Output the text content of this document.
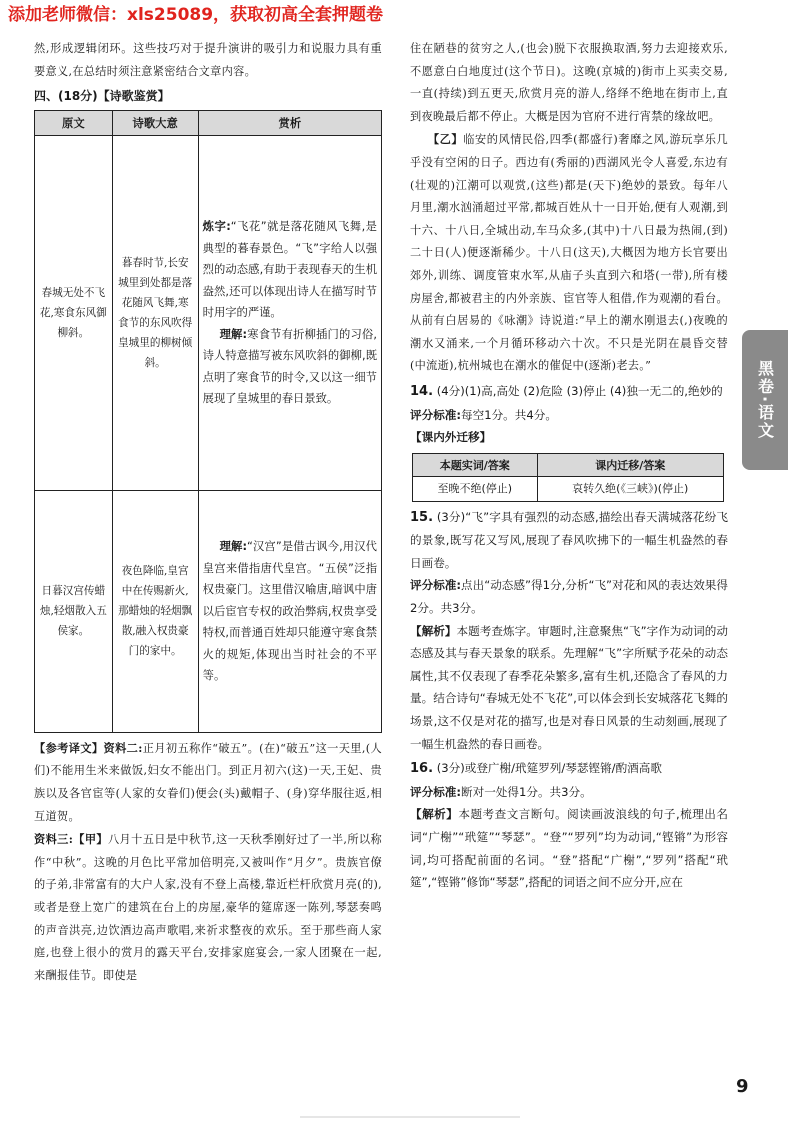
添加老师微信：xls25089，获取初高全套押题卷

然,形成逻辑闭环。这些技巧对于提升演讲的吸引力和说服力具有重要意义,在总结时须注意紧密结合文章内容。

四、(18分)【诗歌鉴赏】

原文	诗歌大意	赏析
春城无处不飞花,寒食东风御柳斜。	暮春时节,长安城里到处都是落花随风飞舞,寒食节的东风吹得皇城里的柳树倾斜。	炼字:“飞花”就是落花随风飞舞,是典型的暮春景色。“飞”字给人以强烈的动态感,有助于表现春天的生机盎然,还可以体现出诗人在描写时节时用字的严谨。
理解:寒食节有折柳插门的习俗,诗人特意描写被东风吹斜的御柳,既点明了寒食节的时令,又以这一细节展现了皇城里的春日景致。
日暮汉宫传蜡烛,轻烟散入五侯家。	夜色降临,皇宫中在传赐新火,那蜡烛的轻烟飘散,融入权贵豪门的家中。	理解:“汉宫”是借古讽今,用汉代皇宫来借指唐代皇宫。“五侯”泛指权贵豪门。这里借汉喻唐,暗讽中唐以后宦官专权的政治弊病,权贵享受特权,而普通百姓却只能遵守寒食禁火的规矩,体现出当时社会的不平等。

【参考译文】资料二:正月初五称作“破五”。(在)“破五”这一天里,(人们)不能用生米来做饭,妇女不能出门。到正月初六(这)一天,王妃、贵族以及各官宦等(人家的女眷们)便会(头)戴帽子、(身)穿华服往返,相互道贺。

资料三:【甲】八月十五日是中秋节,这一天秋季刚好过了一半,所以称作“中秋”。这晚的月色比平常加倍明亮,又被叫作“月夕”。贵族官僚的子弟,非常富有的大户人家,没有不登上高楼,靠近栏杆欣赏月亮(的),或者是登上宽广的建筑在台上的房屋,豪华的筵席逐一陈列,琴瑟奏鸣的声音洪亮,边饮酒边高声歌唱,来祈求整夜的欢乐。至于那些商人家庭,也登上很小的赏月的露天平台,安排家庭宴会,一家人团聚在一起,来酬报佳节。即使是

住在陋巷的贫穷之人,(也会)脱下衣服换取酒,努力去迎接欢乐,不愿意白白地度过(这个节日)。这晚(京城的)街市上买卖交易,一直(持续)到五更天,欣赏月亮的游人,络绎不绝地在街市上,直到夜晚最后都不停止。大概是因为官府不进行宵禁的缘故吧。

【乙】临安的风情民俗,四季(都盛行)奢靡之风,游玩享乐几乎没有空闲的日子。西边有(秀丽的)西湖风光令人喜爱,东边有(壮观的)江潮可以观赏,(这些)都是(天下)绝妙的景致。每年八月里,潮水汹涌超过平常,都城百姓从十一日开始,便有人观潮,到十六、十八日,全城出动,车马众多,(其中)十八日最为热闹,(到)二十日(人)便逐渐稀少。十八日(这天),大概因为地方长官要出郊外,训练、调度管束水军,从庙子头直到六和塔(一带),所有楼房屋舍,都被君主的内外亲族、宦官等人租借,作为观潮的看台。从前有白居易的《咏潮》诗说道:“早上的潮水刚退去(,)夜晚的潮水又涌来,一个月循环移动六十次。不只是光阴在晨昏交替(中流逝),杭州城也在潮水的催促中(逐渐)老去。”

14. (4分)(1)高,高处 (2)危险 (3)停止 (4)独一无二的,绝妙的

评分标准:每空1分。共4分。

【课内外迁移】

本题实词/答案	课内迁移/答案
至晚不绝(停止)	哀转久绝(《三峡》)(停止)

15. (3分)“飞”字具有强烈的动态感,描绘出春天满城落花纷飞的景象,既写花又写风,展现了春风吹拂下的一幅生机盎然的春日画卷。

评分标准:点出“动态感”得1分,分析“飞”对花和风的表达效果得2分。共3分。

【解析】本题考查炼字。审题时,注意聚焦“飞”字作为动词的动态感及其与春天景象的联系。先理解“飞”字所赋予花朵的动态属性,其不仅表现了春季花朵繁多,富有生机,还隐含了春风的力量。结合诗句“春城无处不飞花”,可以体会到长安城落花飞舞的场景,这不仅是对花的描写,也是对春日风景的生动刻画,展现了一幅生机盎然的春日画卷。

16. (3分)或登广榭/玳筵罗列/琴瑟铿锵/酌酒高歌

评分标准:断对一处得1分。共3分。

【解析】本题考查文言断句。阅读画波浪线的句子,梳理出名词“广榭”“玳筵”“琴瑟”。“登”“罗列”均为动词,“铿锵”为形容词,均可搭配前面的名词。“登”搭配“广榭”,“罗列”搭配“玳筵”,“铿锵”修饰“琴瑟”,搭配的词语之间不应分开,应在

黑卷·语文
9
